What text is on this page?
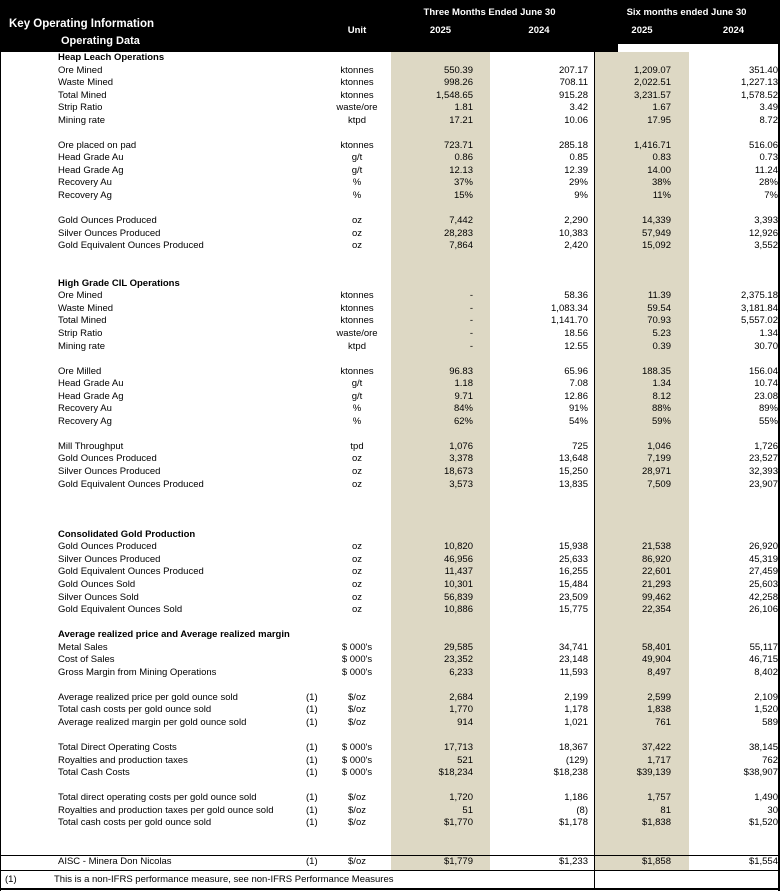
Key Operating Information
Operating Data
Unit
Three Months Ended June 30	Six months ended June 30
2025	2024	2025	2024
Heap Leach Operations
Ore Mined	ktonnes	550.39	207.17	1,209.07	351.40
Waste Mined	ktonnes	998.26	708.11	2,022.51	1,227.13
Total Mined	ktonnes	1,548.65	915.28	3,231.57	1,578.52
Strip Ratio	waste/ore	1.81	3.42	1.67	3.49
Mining rate	ktpd	17.21	10.06	17.95	8.72
Ore placed on pad	ktonnes	723.71	285.18	1,416.71	516.06
Head Grade Au	g/t	0.86	0.85	0.83	0.73
Head Grade Ag	g/t	12.13	12.39	14.00	11.24
Recovery Au	%	37%	29%	38%	28%
Recovery Ag	%	15%	9%	11%	7%
Gold Ounces Produced	oz	7,442	2,290	14,339	3,393
Silver Ounces Produced	oz	28,283	10,383	57,949	12,926
Gold Equivalent Ounces Produced	oz	7,864	2,420	15,092	3,552
High Grade CIL Operations
Ore Mined	ktonnes	-	58.36	11.39	2,375.18
Waste Mined	ktonnes	-	1,083.34	59.54	3,181.84
Total Mined	ktonnes	-	1,141.70	70.93	5,557.02
Strip Ratio	waste/ore	-	18.56	5.23	1.34
Mining rate	ktpd	-	12.55	0.39	30.70
Ore Milled	ktonnes	96.83	65.96	188.35	156.04
Head Grade Au	g/t	1.18	7.08	1.34	10.74
Head Grade Ag	g/t	9.71	12.86	8.12	23.08
Recovery Au	%	84%	91%	88%	89%
Recovery Ag	%	62%	54%	59%	55%
Mill Throughput	tpd	1,076	725	1,046	1,726
Gold Ounces Produced	oz	3,378	13,648	7,199	23,527
Silver Ounces Produced	oz	18,673	15,250	28,971	32,393
Gold Equivalent Ounces Produced	oz	3,573	13,835	7,509	23,907
Consolidated Gold Production
Gold Ounces Produced	oz	10,820	15,938	21,538	26,920
Silver Ounces Produced	oz	46,956	25,633	86,920	45,319
Gold Equivalent Ounces Produced	oz	11,437	16,255	22,601	27,459
Gold Ounces Sold	oz	10,301	15,484	21,293	25,603
Silver Ounces Sold	oz	56,839	23,509	99,462	42,258
Gold Equivalent Ounces Sold	oz	10,886	15,775	22,354	26,106
Average realized price and Average realized margin
Metal Sales	$ 000's	29,585	34,741	58,401	55,117
Cost of Sales	$ 000's	23,352	23,148	49,904	46,715
Gross Margin from Mining Operations	$ 000's	6,233	11,593	8,497	8,402
Average realized price per gold ounce sold	(1)	$/oz	2,684	2,199	2,599	2,109
Total cash costs per gold ounce sold	(1)	$/oz	1,770	1,178	1,838	1,520
Average realized margin per gold ounce sold	(1)	$/oz	914	1,021	761	589
Total Direct Operating Costs	(1)	$ 000's	17,713	18,367	37,422	38,145
Royalties and production taxes	(1)	$ 000's	521	(129)	1,717	762
Total Cash Costs	(1)	$ 000's	$18,234	$18,238	$39,139	$38,907
Total direct operating costs per gold ounce sold	(1)	$/oz	1,720	1,186	1,757	1,490
Royalties and production taxes per gold ounce sold	(1)	$/oz	51	(8)	81	30
Total cash costs per gold ounce sold	(1)	$/oz	$1,770	$1,178	$1,838	$1,520
AISC - Minera Don Nicolas	(1)	$/oz	$1,779	$1,233	$1,858	$1,554
(1)	This is a non-IFRS performance measure, see non-IFRS Performance Measures
